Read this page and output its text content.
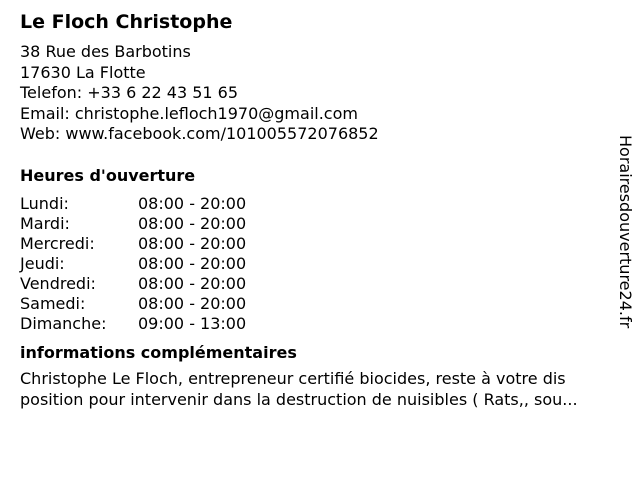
Le Floch Christophe
38 Rue des Barbotins
17630 La Flotte
Telefon: +33 6 22 43 51 65
Email: christophe.lefloch1970@gmail.com
Web: www.facebook.com/101005572076852
Heures d'ouverture
Lundi:	08:00 - 20:00
Mardi:	08:00 - 20:00
Mercredi:	08:00 - 20:00
Jeudi:	08:00 - 20:00
Vendredi:	08:00 - 20:00
Samedi:	08:00 - 20:00
Dimanche:	09:00 - 13:00
informations complémentaires
Christophe Le Floch, entrepreneur certifié biocides, reste à votre dis
position pour intervenir dans la destruction de nuisibles ( Rats,, sou...
Horairesdouverture24.fr
